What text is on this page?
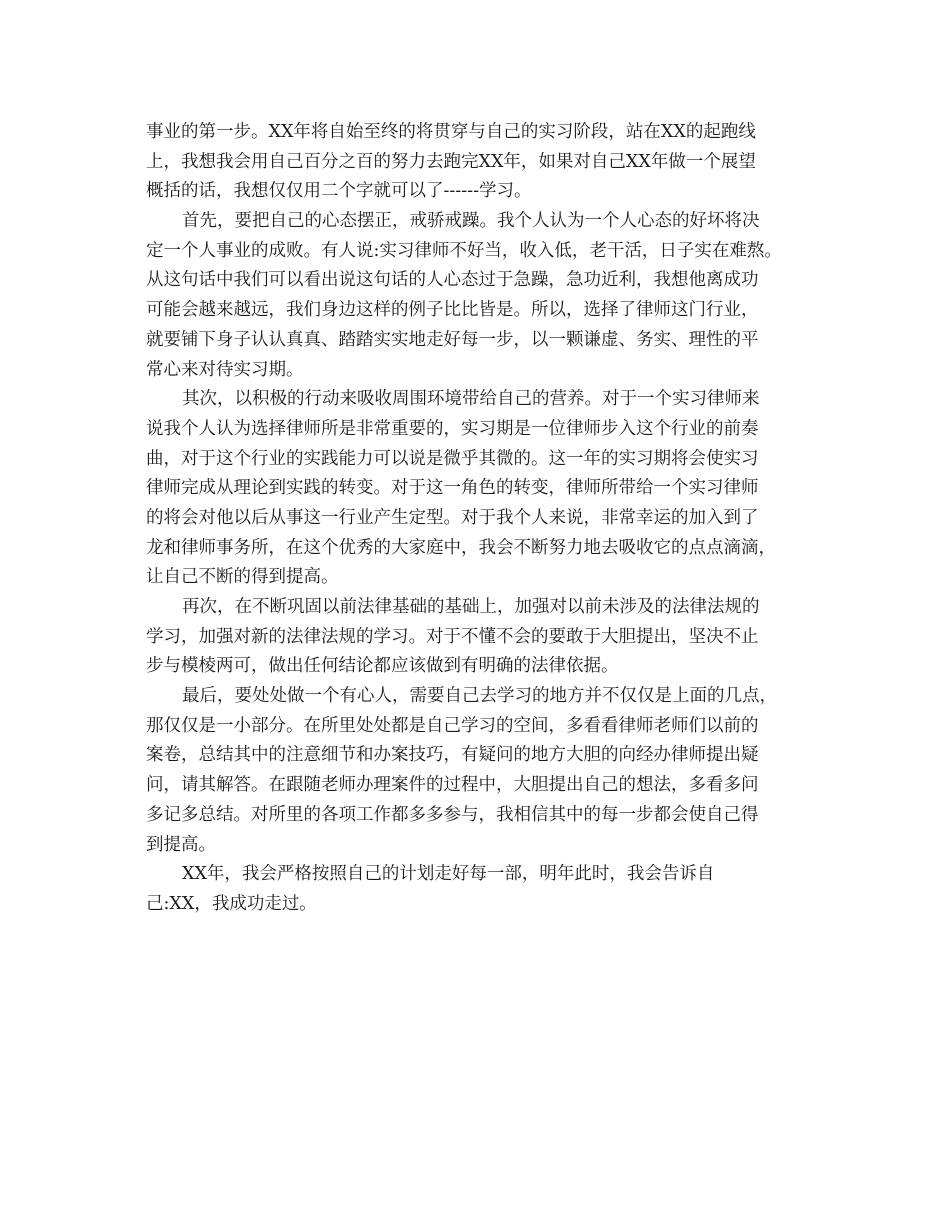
事业的第一步。XX年将自始至终的将贯穿与自己的实习阶段，站在XX的起跑线
上，我想我会用自己百分之百的努力去跑完XX年，如果对自己XX年做一个展望
概括的话，我想仅仅用二个字就可以了------学习。
首先，要把自己的心态摆正，戒骄戒躁。我个人认为一个人心态的好坏将决
定一个人事业的成败。有人说:实习律师不好当，收入低，老干活，日子实在难熬。
从这句话中我们可以看出说这句话的人心态过于急躁，急功近利，我想他离成功
可能会越来越远，我们身边这样的例子比比皆是。所以，选择了律师这门行业，
就要铺下身子认认真真、踏踏实实地走好每一步，以一颗谦虚、务实、理性的平
常心来对待实习期。
其次，以积极的行动来吸收周围环境带给自己的营养。对于一个实习律师来
说我个人认为选择律师所是非常重要的，实习期是一位律师步入这个行业的前奏
曲，对于这个行业的实践能力可以说是微乎其微的。这一年的实习期将会使实习
律师完成从理论到实践的转变。对于这一角色的转变，律师所带给一个实习律师
的将会对他以后从事这一行业产生定型。对于我个人来说，非常幸运的加入到了
龙和律师事务所，在这个优秀的大家庭中，我会不断努力地去吸收它的点点滴滴，
让自己不断的得到提高。
再次，在不断巩固以前法律基础的基础上，加强对以前未涉及的法律法规的
学习，加强对新的法律法规的学习。对于不懂不会的要敢于大胆提出，坚决不止
步与模棱两可，做出任何结论都应该做到有明确的法律依据。
最后，要处处做一个有心人，需要自己去学习的地方并不仅仅是上面的几点，
那仅仅是一小部分。在所里处处都是自己学习的空间，多看看律师老师们以前的
案卷，总结其中的注意细节和办案技巧，有疑问的地方大胆的向经办律师提出疑
问，请其解答。在跟随老师办理案件的过程中，大胆提出自己的想法，多看多问
多记多总结。对所里的各项工作都多多参与，我相信其中的每一步都会使自己得
到提高。
XX年，我会严格按照自己的计划走好每一部，明年此时，我会告诉自
己:XX，我成功走过。
